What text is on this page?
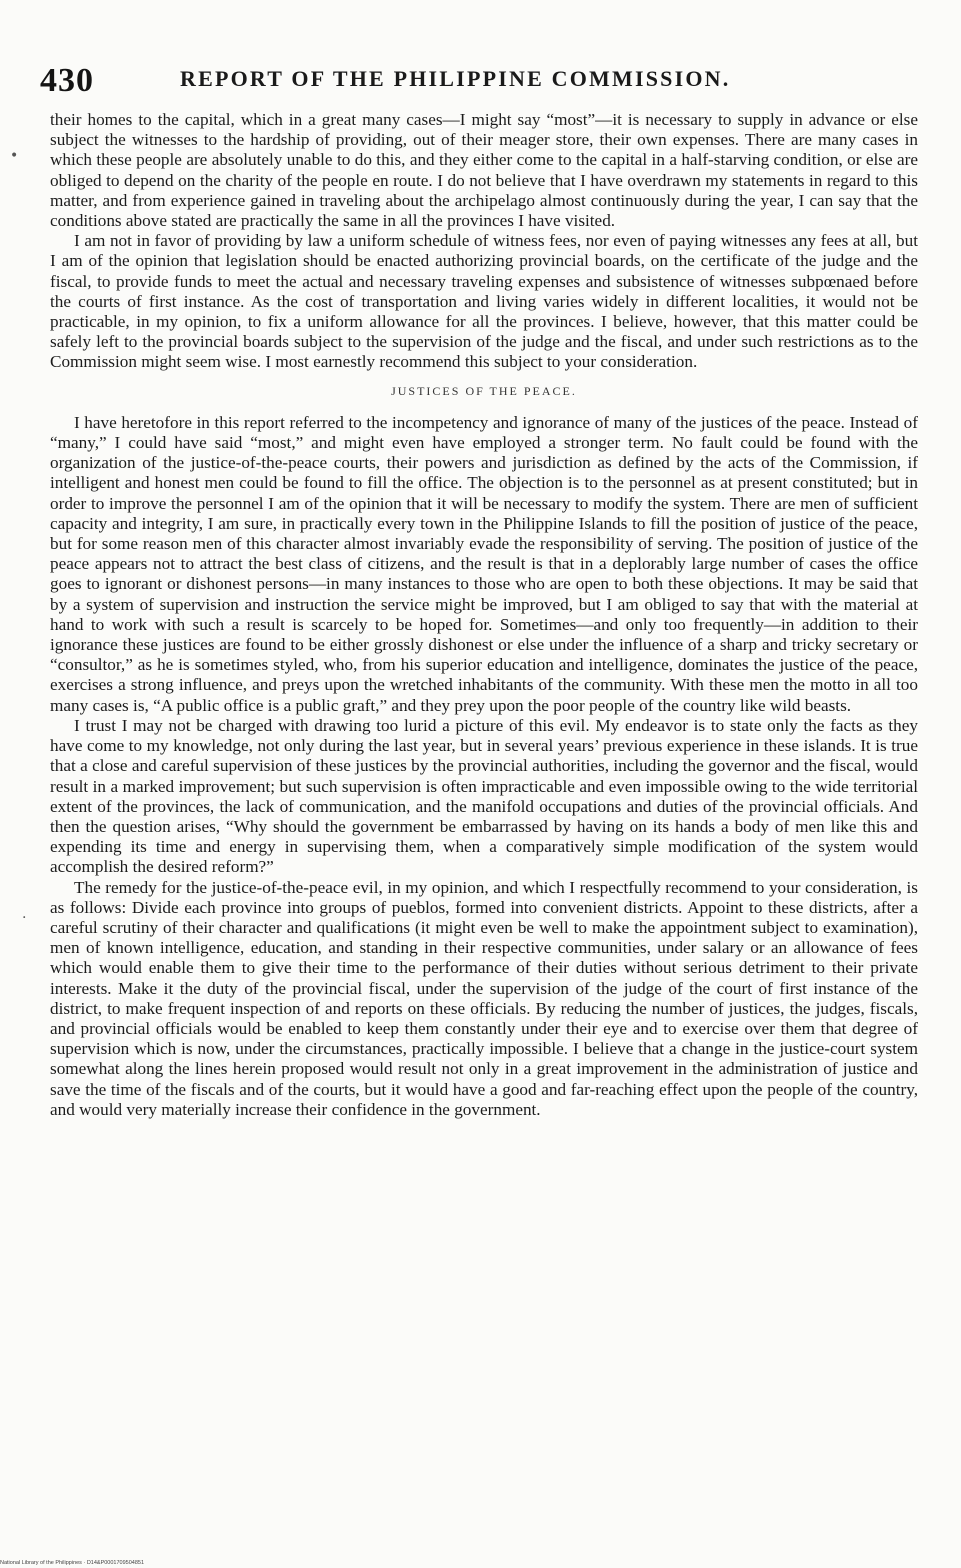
430	REPORT OF THE PHILIPPINE COMMISSION.
•
.

their homes to the capital, which in a great many cases—I might say “most”—it is necessary to supply in advance or else subject the witnesses to the hardship of providing, out of their meager store, their own expenses. There are many cases in which these people are absolutely unable to do this, and they either come to the capital in a half-starving condition, or else are obliged to depend on the charity of the people en route. I do not believe that I have overdrawn my statements in regard to this matter, and from experience gained in traveling about the archipelago almost continuously during the year, I can say that the conditions above stated are practically the same in all the provinces I have visited.

I am not in favor of providing by law a uniform schedule of witness fees, nor even of paying witnesses any fees at all, but I am of the opinion that legislation should be enacted authorizing provincial boards, on the certificate of the judge and the fiscal, to provide funds to meet the actual and necessary traveling expenses and subsistence of witnesses subpœnaed before the courts of first instance. As the cost of transportation and living varies widely in different localities, it would not be practicable, in my opinion, to fix a uniform allowance for all the provinces. I believe, however, that this matter could be safely left to the provincial boards subject to the supervision of the judge and the fiscal, and under such restrictions as to the Commission might seem wise. I most earnestly recommend this subject to your consideration.

JUSTICES OF THE PEACE.

I have heretofore in this report referred to the incompetency and ignorance of many of the justices of the peace. Instead of “many,” I could have said “most,” and might even have employed a stronger term. No fault could be found with the organization of the justice-of-the-peace courts, their powers and jurisdiction as defined by the acts of the Commission, if intelligent and honest men could be found to fill the office. The objection is to the personnel as at present constituted; but in order to improve the personnel I am of the opinion that it will be necessary to modify the system. There are men of sufficient capacity and integrity, I am sure, in practically every town in the Philippine Islands to fill the position of justice of the peace, but for some reason men of this character almost invariably evade the responsibility of serving. The position of justice of the peace appears not to attract the best class of citizens, and the result is that in a deplorably large number of cases the office goes to ignorant or dishonest persons—in many instances to those who are open to both these objections. It may be said that by a system of supervision and instruction the service might be improved, but I am obliged to say that with the material at hand to work with such a result is scarcely to be hoped for. Sometimes—and only too frequently—in addition to their ignorance these justices are found to be either grossly dishonest or else under the influence of a sharp and tricky secretary or “consultor,” as he is sometimes styled, who, from his superior education and intelligence, dominates the justice of the peace, exercises a strong influence, and preys upon the wretched inhabitants of the community. With these men the motto in all too many cases is, “A public office is a public graft,” and they prey upon the poor people of the country like wild beasts.

I trust I may not be charged with drawing too lurid a picture of this evil. My endeavor is to state only the facts as they have come to my knowledge, not only during the last year, but in several years’ previous experience in these islands. It is true that a close and careful supervision of these justices by the provincial authorities, including the governor and the fiscal, would result in a marked improvement; but such supervision is often impracticable and even impossible owing to the wide territorial extent of the provinces, the lack of communication, and the manifold occupations and duties of the provincial officials. And then the question arises, “Why should the government be embarrassed by having on its hands a body of men like this and expending its time and energy in supervising them, when a comparatively simple modification of the system would accomplish the desired reform?”

The remedy for the justice-of-the-peace evil, in my opinion, and which I respectfully recommend to your consideration, is as follows: Divide each province into groups of pueblos, formed into convenient districts. Appoint to these districts, after a careful scrutiny of their character and qualifications (it might even be well to make the appointment subject to examination), men of known intelligence, education, and standing in their respective communities, under salary or an allowance of fees which would enable them to give their time to the performance of their duties without serious detriment to their private interests. Make it the duty of the provincial fiscal, under the supervision of the judge of the court of first instance of the district, to make frequent inspection of and reports on these officials. By reducing the number of justices, the judges, fiscals, and provincial officials would be enabled to keep them constantly under their eye and to exercise over them that degree of supervision which is now, under the circumstances, practically impossible. I believe that a change in the justice-court system somewhat along the lines herein proposed would result not only in a great improvement in the administration of justice and save the time of the fiscals and of the courts, but it would have a good and far-reaching effect upon the people of the country, and would very materially increase their confidence in the government.

National Library of the Philippines · D14&P0001709504851
